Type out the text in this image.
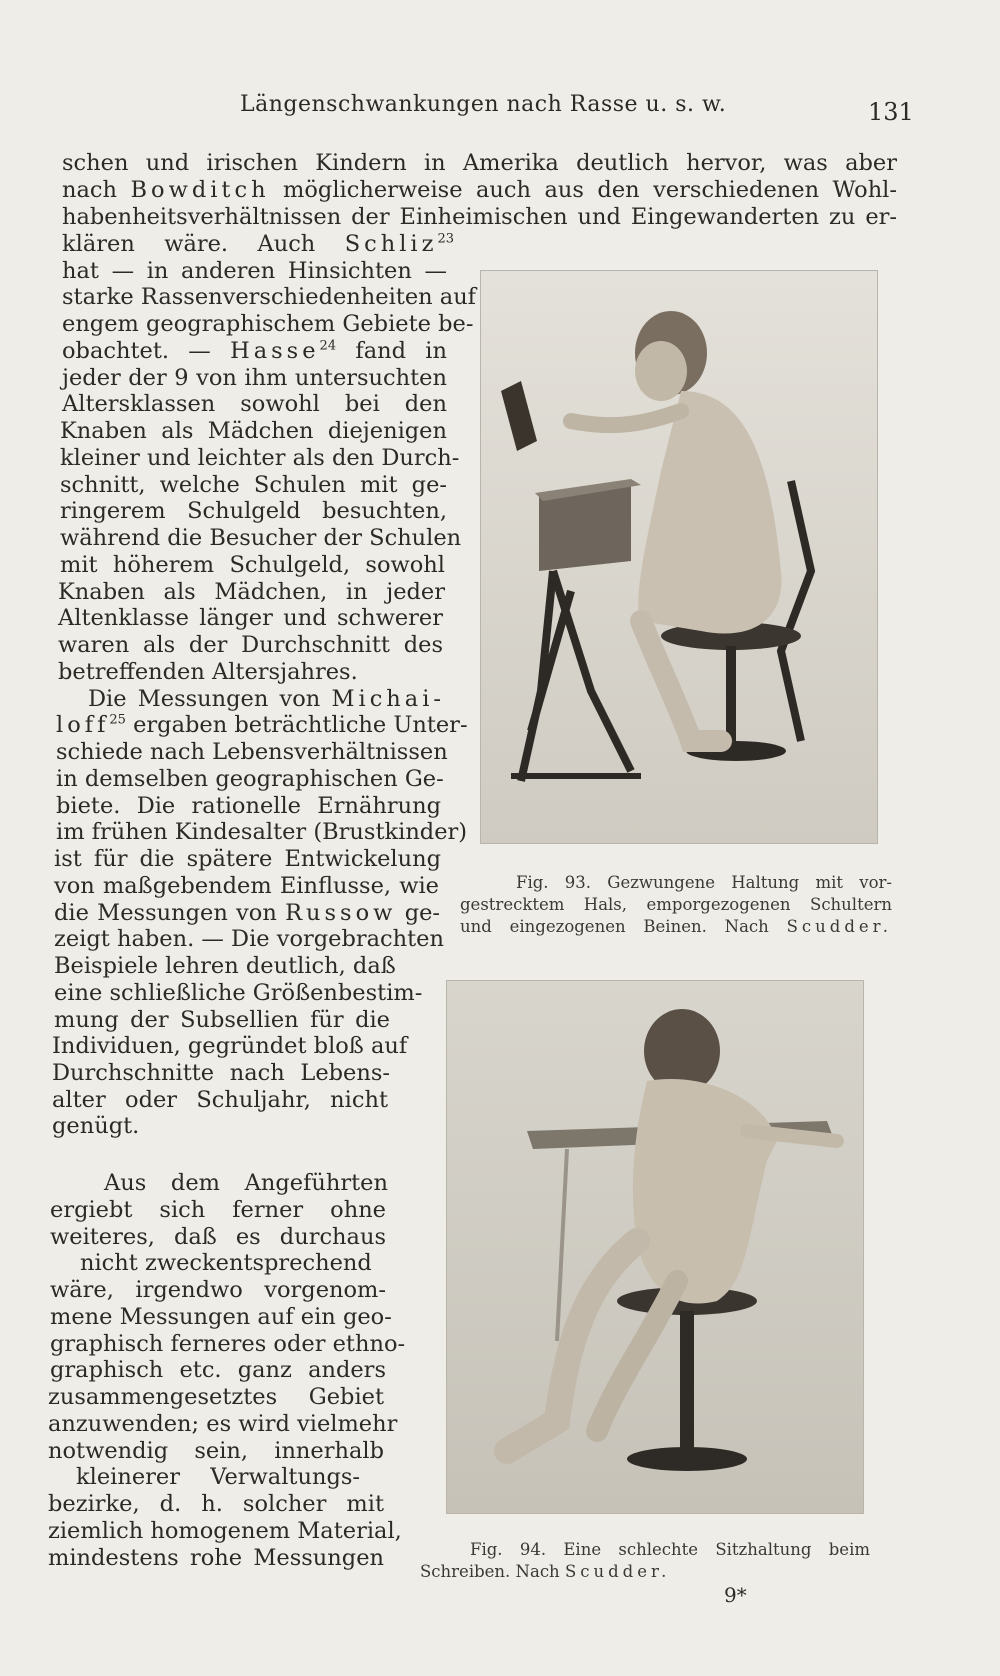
Längenschwankungen nach Rasse u. s. w.	131
schen und irischen Kindern in Amerika deutlich hervor, was aber
nach Bowditch möglicherweise auch aus den verschiedenen Wohl-
habenheitsverhältnissen der Einheimischen und Eingewanderten zu er-
klären wäre. Auch Schliz$^{23}$
hat — in anderen Hinsichten —
starke Rassenverschiedenheiten auf
engem geographischem Gebiete be-
obachtet. — Hasse$^{24}$ fand in
jeder der 9 von ihm untersuchten
Altersklassen sowohl bei den
Knaben als Mädchen diejenigen
kleiner und leichter als den Durch-
schnitt, welche Schulen mit ge-
ringerem Schulgeld besuchten,
während die Besucher der Schulen
mit höherem Schulgeld, sowohl
Knaben als Mädchen, in jeder
Altenklasse länger und schwerer
waren als der Durchschnitt des
betreffenden Altersjahres.
Die Messungen von Michai-
loff$^{25}$ ergaben beträchtliche Unter-
schiede nach Lebensverhältnissen
in demselben geographischen Ge-
biete. Die rationelle Ernährung
im frühen Kindesalter (Brustkinder)
ist für die spätere Entwickelung
von maßgebendem Einflusse, wie
die Messungen von Russow ge-
zeigt haben. — Die vorgebrachten
Beispiele lehren deutlich, daß
eine schließliche Größenbestim-
mung der Subsellien für die
Individuen, gegründet bloß auf
Durchschnitte nach Lebens-
alter oder Schuljahr, nicht
genügt.
Aus dem Angeführten
ergiebt sich ferner ohne
weiteres, daß es durchaus
nicht zweckentsprechend
wäre, irgendwo vorgenom-
mene Messungen auf ein geo-
graphisch ferneres oder ethno-
graphisch etc. ganz anders
zusammengesetztes Gebiet
anzuwenden; es wird vielmehr
notwendig sein, innerhalb
kleinerer Verwaltungs-
bezirke, d. h. solcher mit
ziemlich homogenem Material,
mindestens rohe Messungen
Fig. 93. Gezwungene Haltung mit vor-
gestrecktem Hals, emporgezogenen Schultern
und eingezogenen Beinen. Nach Scudder.
Fig. 94. Eine schlechte Sitzhaltung beim
Schreiben. Nach Scudder.
9*
